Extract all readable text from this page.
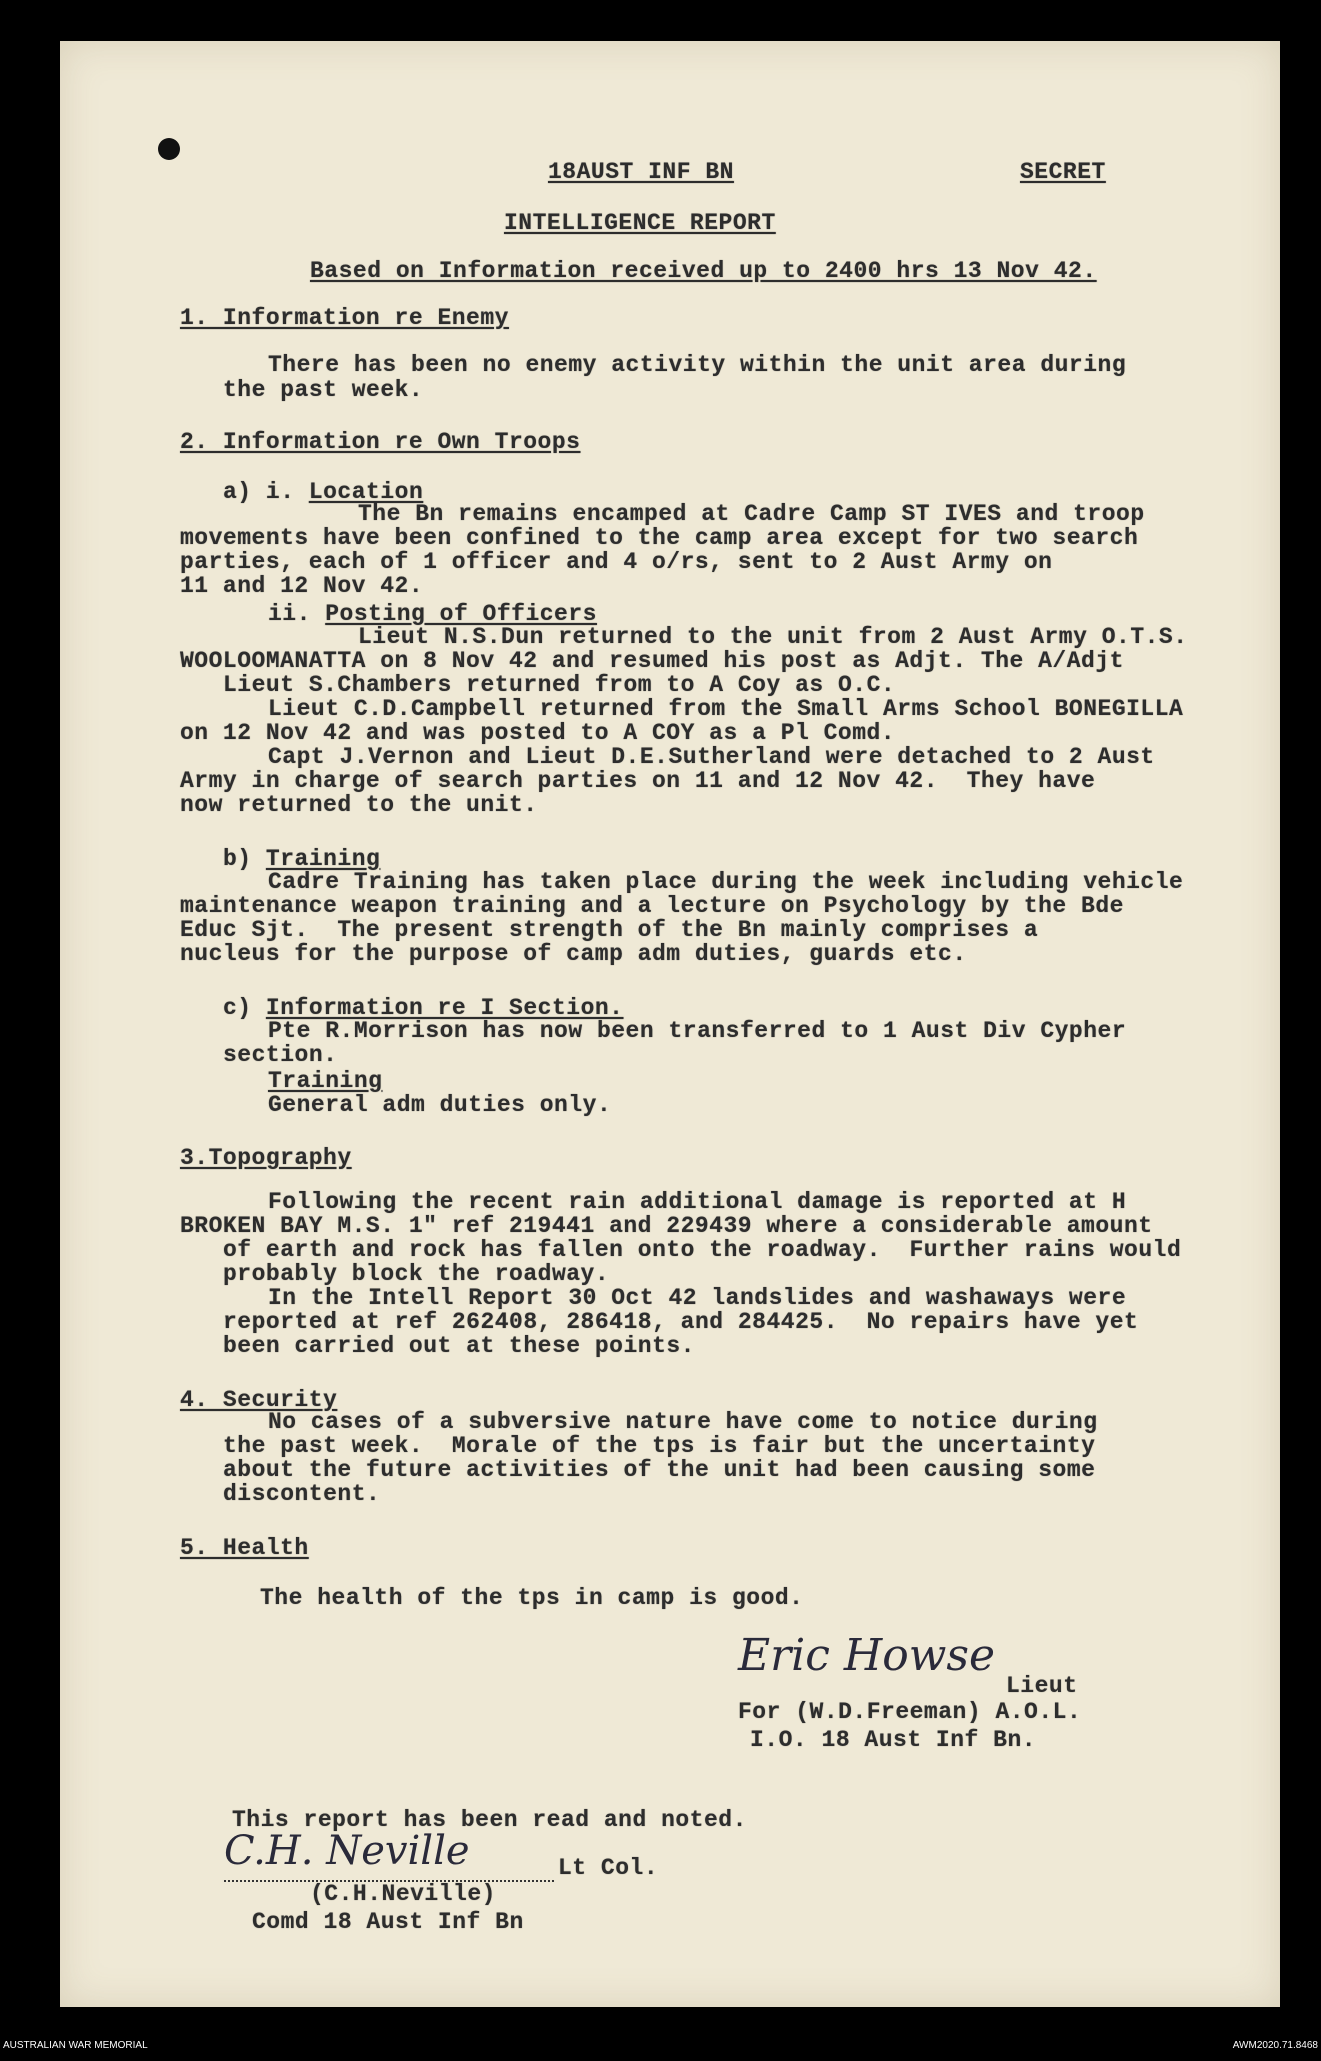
18AUST INF BN	SECRET
INTELLIGENCE REPORT
Based on Information received up to 2400 hrs 13 Nov 42.
1. Information re Enemy
There has been no enemy activity within the unit area during
the past week.
2. Information re Own Troops
a) i. Location
The Bn remains encamped at Cadre Camp ST IVES and troop
movements have been confined to the camp area except for two search
parties, each of 1 officer and 4 o/rs, sent to 2 Aust Army on
11 and 12 Nov 42.
ii. Posting of Officers
Lieut N.S.Dun returned to the unit from 2 Aust Army O.T.S.
WOOLOOMANATTA on 8 Nov 42 and resumed his post as Adjt. The A/Adjt
Lieut S.Chambers returned from to A Coy as O.C.
Lieut C.D.Campbell returned from the Small Arms School BONEGILLA
on 12 Nov 42 and was posted to A COY as a Pl Comd.
Capt J.Vernon and Lieut D.E.Sutherland were detached to 2 Aust
Army in charge of search parties on 11 and 12 Nov 42.  They have
now returned to the unit.
b) Training
Cadre Training has taken place during the week including vehicle
maintenance weapon training and a lecture on Psychology by the Bde
Educ Sjt.  The present strength of the Bn mainly comprises a
nucleus for the purpose of camp adm duties, guards etc.
c) Information re I Section.
Pte R.Morrison has now been transferred to 1 Aust Div Cypher
section.
Training
General adm duties only.
3.Topography
Following the recent rain additional damage is reported at H
BROKEN BAY M.S. 1" ref 219441 and 229439 where a considerable amount
of earth and rock has fallen onto the roadway.  Further rains would
probably block the roadway.
In the Intell Report 30 Oct 42 landslides and washaways were
reported at ref 262408, 286418, and 284425.  No repairs have yet
been carried out at these points.
4. Security
No cases of a subversive nature have come to notice during
the past week.  Morale of the tps is fair but the uncertainty
about the future activities of the unit had been causing some
discontent.
5. Health
The health of the tps in camp is good.
Eric Howse
Lieut
For (W.D.Freeman) A.O.L.
I.O. 18 Aust Inf Bn.
This report has been read and noted.
C.H. Neville	Lt Col.
(C.H.Neville)
Comd 18 Aust Inf Bn
AUSTRALIAN WAR MEMORIAL	AWM2020.71.8468
